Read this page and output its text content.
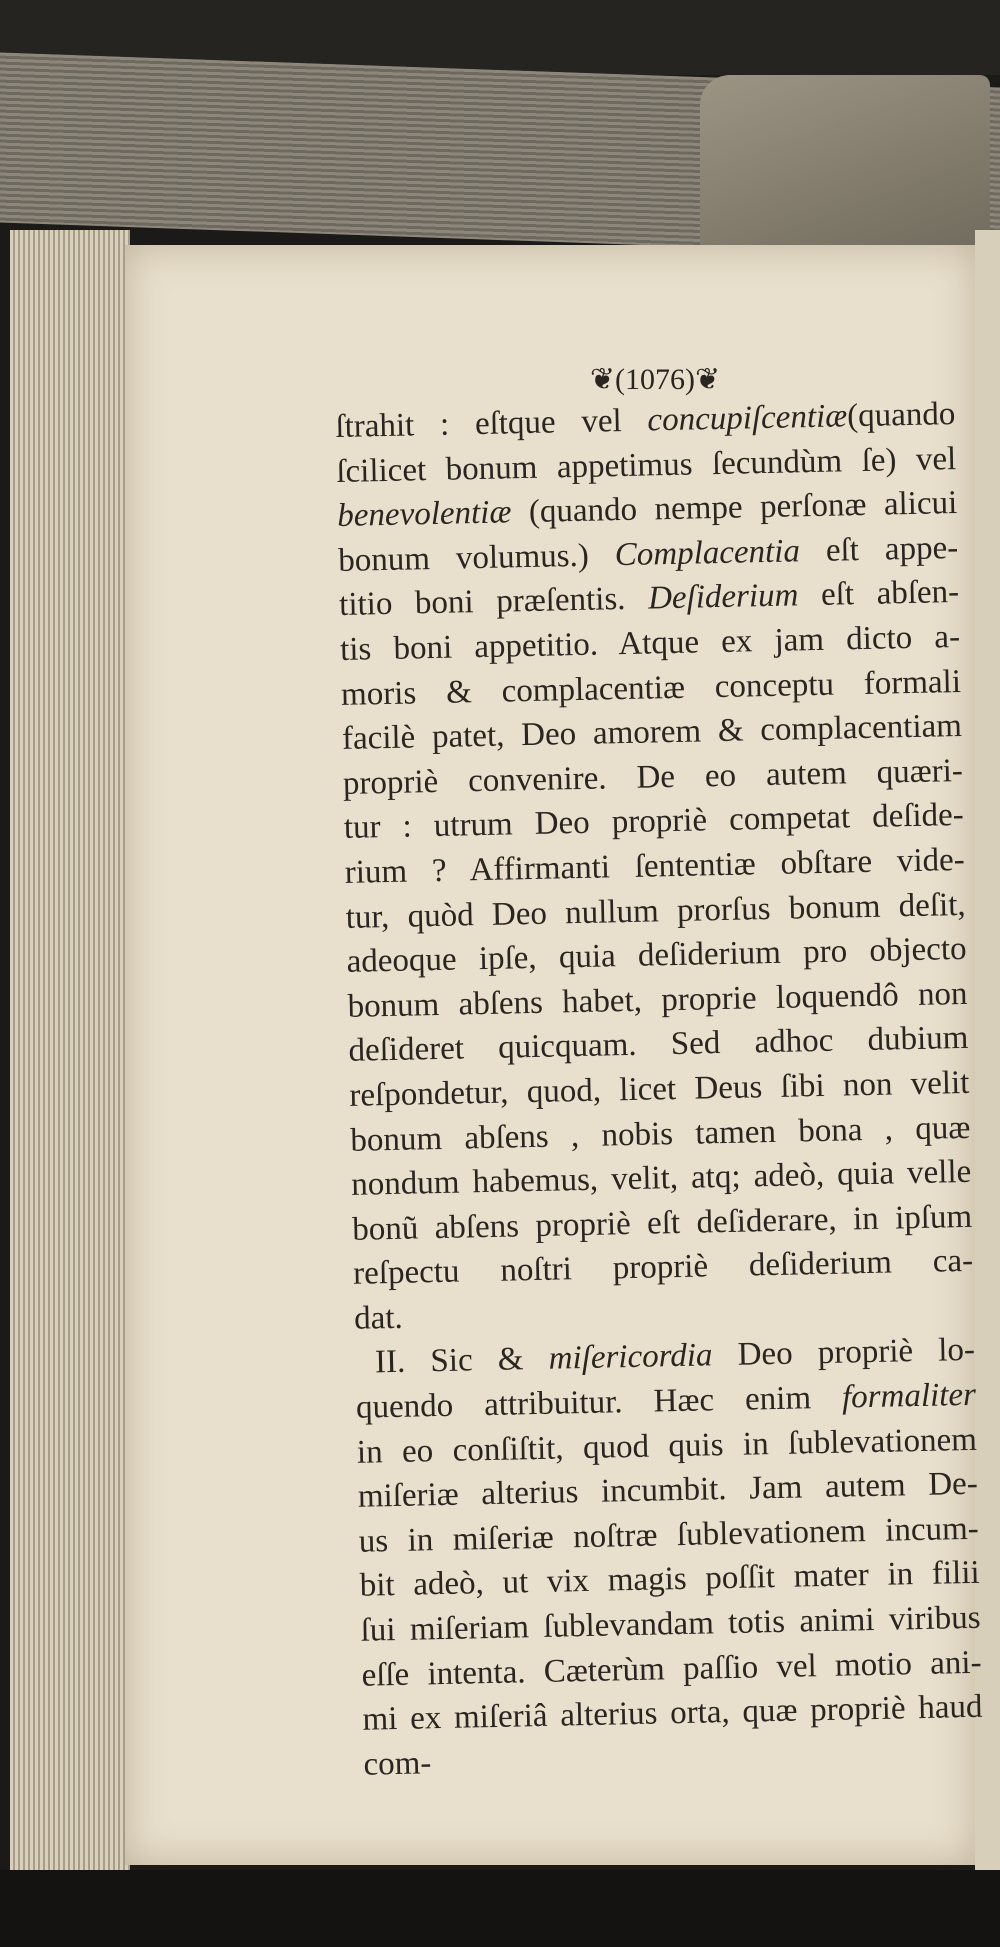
❦(1076)❦
ſtrahit : eſtque vel concupiſcentiæ(quando
ſcilicet bonum appetimus ſecundùm ſe) vel
benevolentiæ (quando nempe perſonæ alicui
bonum volumus.) Complacentia eſt appe-
titio boni præſentis. Deſiderium eſt abſen-
tis boni appetitio. Atque ex jam dicto a-
moris & complacentiæ conceptu formali
facilè patet, Deo amorem & complacentiam
propriè convenire. De eo autem quæri-
tur : utrum Deo propriè competat deſide-
rium ? Affirmanti ſententiæ obſtare vide-
tur, quòd Deo nullum prorſus bonum deſit,
adeoque ipſe, quia deſiderium pro objecto
bonum abſens habet, proprie loquendô non
deſideret quicquam. Sed adhoc dubium
reſpondetur, quod, licet Deus ſibi non velit
bonum abſens , nobis tamen bona , quæ
nondum habemus, velit, atq; adeò, quia velle
bonũ abſens propriè eſt deſiderare, in ipſum
reſpectu noſtri propriè deſiderium ca-
dat.
II. Sic & miſericordia Deo propriè lo-
quendo attribuitur. Hæc enim formaliter
in eo conſiſtit, quod quis in ſublevationem
miſeriæ alterius incumbit. Jam autem De-
us in miſeriæ noſtræ ſublevationem incum-
bit adeò, ut vix magis poſſit mater in filii
ſui miſeriam ſublevandam totis animi viribus
eſſe intenta. Cæterùm paſſio vel motio ani-
mi ex miſeriâ alterius orta, quæ propriè haud
com-
